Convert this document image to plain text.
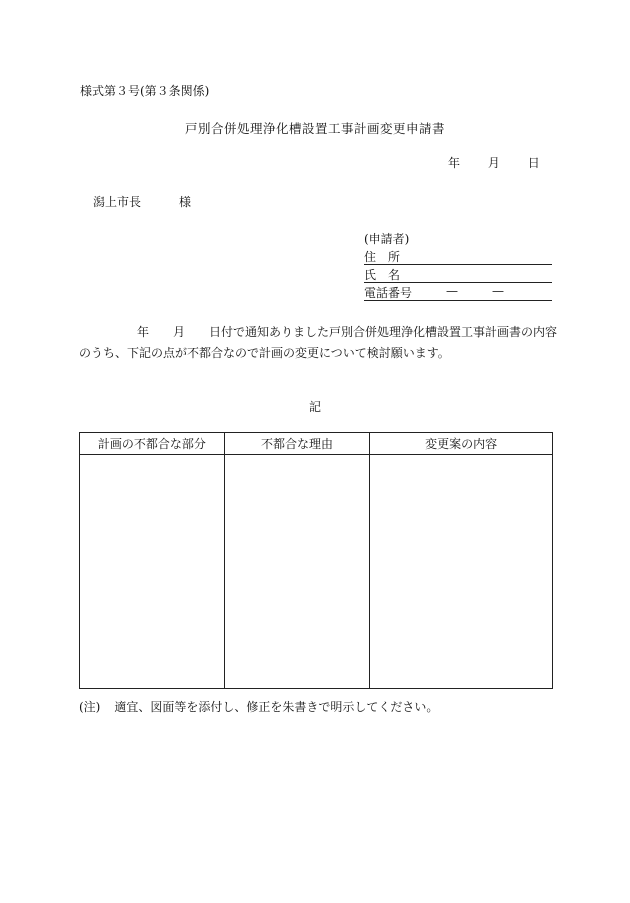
様式第３号(第３条関係)
戸別合併処理浄化槽設置工事計画変更申請書
年 月 日
潟上市長	様
(申請者)
住　所
氏　名
電話番号	—	—
年　　月　　日付で通知ありました戸別合併処理浄化槽設置工事計画書の内容
のうち、下記の点が不都合なので計画の変更について検討願います。
記
計画の不都合な部分	不都合な理由	変更案の内容

(注) 適宜、図面等を添付し、修正を朱書きで明示してください。
